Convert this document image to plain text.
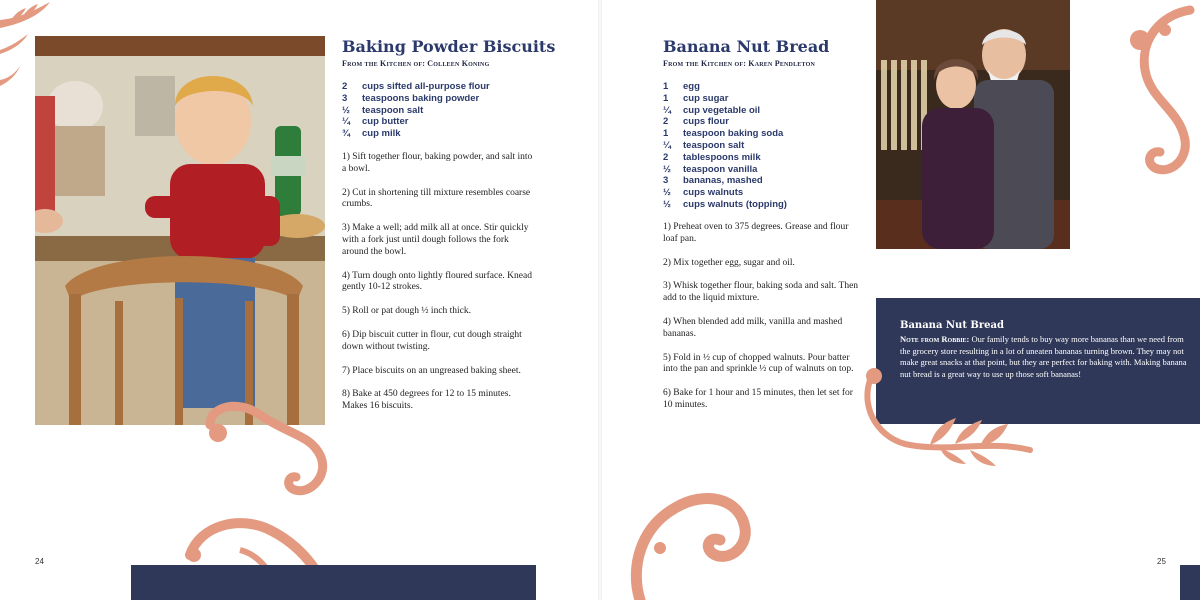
Baking Powder Biscuits
From the Kitchen of: Colleen Koning
2	cups sifted all-purpose flour
3	teaspoons baking powder
½	teaspoon salt
¼	cup butter
¾	cup milk

1) Sift together flour, baking powder, and salt into a bowl.

2) Cut in shortening till mixture resembles coarse crumbs.

3) Make a well; add milk all at once. Stir quickly with a fork just until dough follows the fork around the bowl.

4) Turn dough onto lightly floured surface. Knead gently 10-12 strokes.

5) Roll or pat dough ½ inch thick.

6) Dip biscuit cutter in flour, cut dough straight down without twisting.

7) Place biscuits on an ungreased baking sheet.

8) Bake at 450 degrees for 12 to 15 minutes. Makes 16 biscuits.

24
Banana Nut Bread
From the Kitchen of: Karen Pendleton
1	egg
1	cup sugar
¼	cup vegetable oil
2	cups flour
1	teaspoon baking soda
¼	teaspoon salt
2	tablespoons milk
½	teaspoon vanilla
3	bananas, mashed
½	cups walnuts
½	cups walnuts (topping)

1) Preheat oven to 375 degrees. Grease and flour loaf pan.

2) Mix together egg, sugar and oil.

3) Whisk together flour, baking soda and salt. Then add to the liquid mixture.

4) When blended add milk, vanilla and mashed bananas.

5) Fold in ½ cup of chopped walnuts. Pour batter into the pan and sprinkle ½ cup of walnuts on top.

6) Bake for 1 hour and 15 minutes, then let set for 10 minutes.

Banana Nut Bread
Note from Robbie: Our family tends to buy way more bananas than we need from the grocery store resulting in a lot of uneaten bananas turning brown. They may not make great snacks at that point, but they are perfect for baking with. Making banana nut bread is a great way to use up those soft bananas!
25
